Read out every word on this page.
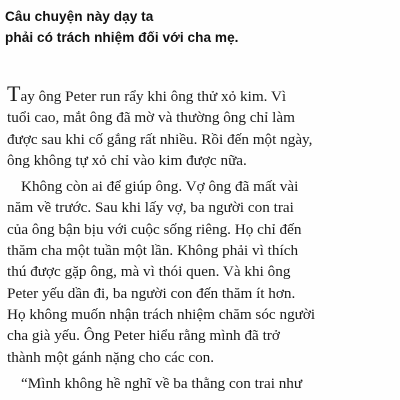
Câu chuyện này dạy ta
phải có trách nhiệm đối với cha mẹ.
Tay ông Peter run rẩy khi ông thử xỏ kim. Vì
tuổi cao, mắt ông đã mờ và thường ông chỉ làm
được sau khi cố gắng rất nhiều. Rồi đến một ngày,
ông không tự xỏ chỉ vào kim được nữa.
Không còn ai để giúp ông. Vợ ông đã mất vài
năm về trước. Sau khi lấy vợ, ba người con trai
của ông bận bịu với cuộc sống riêng. Họ chỉ đến
thăm cha một tuần một lần. Không phải vì thích
thú được gặp ông, mà vì thói quen. Và khi ông
Peter yếu dần đi, ba người con đến thăm ít hơn.
Họ không muốn nhận trách nhiệm chăm sóc người
cha già yếu. Ông Peter hiểu rằng mình đã trở
thành một gánh nặng cho các con.
“Mình không hề nghĩ về ba thằng con trai như
